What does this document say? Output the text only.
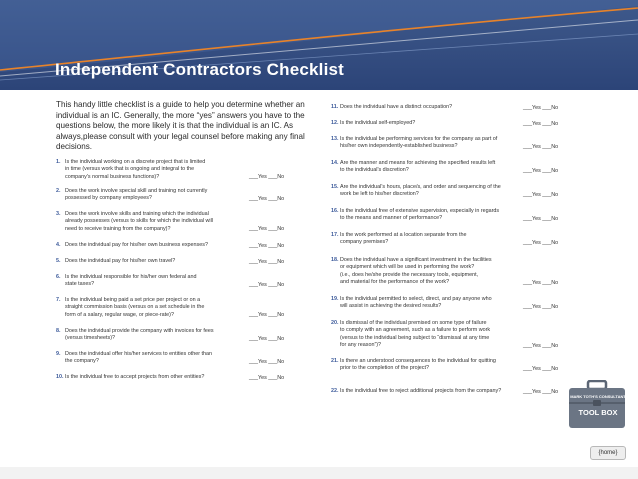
Independent Contractors Checklist
This handy little checklist is a guide to help you determine whether an individual is an IC. Generally, the more “yes” answers you have to the questions below, the more likely it is that the individual is an IC. As always,please consult with your legal counsel before making any final decisions.
1. Is the individual working on a discrete project that is limited
in time (versus work that is ongoing and integral to the
company's normal business functions)?	___Yes ___No
2. Does the work involve special skill and training not currently
possessed by company employees?	___Yes ___No
3. Does the work involve skills and training which the individual
already possesses (versus to skills for which the individual will
need to receive training from the company)?	___Yes ___No
4. Does the individual pay for his/her own business expenses?	___Yes ___No
5. Does the individual pay for his/her own travel?	___Yes ___No
6. Is the individual responsible for his/her own federal and
state taxes?	___Yes ___No
7. Is the individual being paid a set price per project or on a
straight commission basis (versus on a set schedule in the
form of a salary, regular wage, or piece-rate)?	___Yes ___No
8. Does the individual provide the company with invoices for fees
(versus timesheets)?	___Yes ___No
9. Does the individual offer his/her services to entities other than
the company?	___Yes ___No
10. Is the individual free to accept projects from other entities?	___Yes ___No
11. Does the individual have a distinct occupation?	___Yes ___No
12. Is the individual self-employed?	___Yes ___No
13. Is the individual be performing services for the company as part of
his/her own independently-established business?	___Yes ___No
14. Are the manner and means for achieving the specified results left
to the individual's discretion?	___Yes ___No
15. Are the individual's hours, place/s, and order and sequencing of the
work be left to his/her discretion?	___Yes ___No
16. Is the individual free of extensive supervision, especially in regards
to the means and manner of performance?	___Yes ___No
17. Is the work performed at a location separate from the
company premises?	___Yes ___No
18. Does the individual have a significant investment in the facilities
or equipment which will be used in performing the work?
(i.e., does he/she provide the necessary tools, equipment,
and material for the performance of the work?	___Yes ___No
19. Is the individual permitted to select, direct, and pay anyone who
will assist in achieving the desired results?	___Yes ___No
20. Is dismissal of the individual premised on some type of failure
to comply with an agreement, such as a failure to perform work
(versus to the individual being subject to “dismissal at any time
for any reason”)?	___Yes ___No
21. Is there an understood consequences to the individual for quitting
prior to the completion of the project?	___Yes ___No
22. Is the individual free to reject additional projects from the company?	___Yes ___No
MARK TOTH'S CONSULTANT
TOOL BOX
{home}
